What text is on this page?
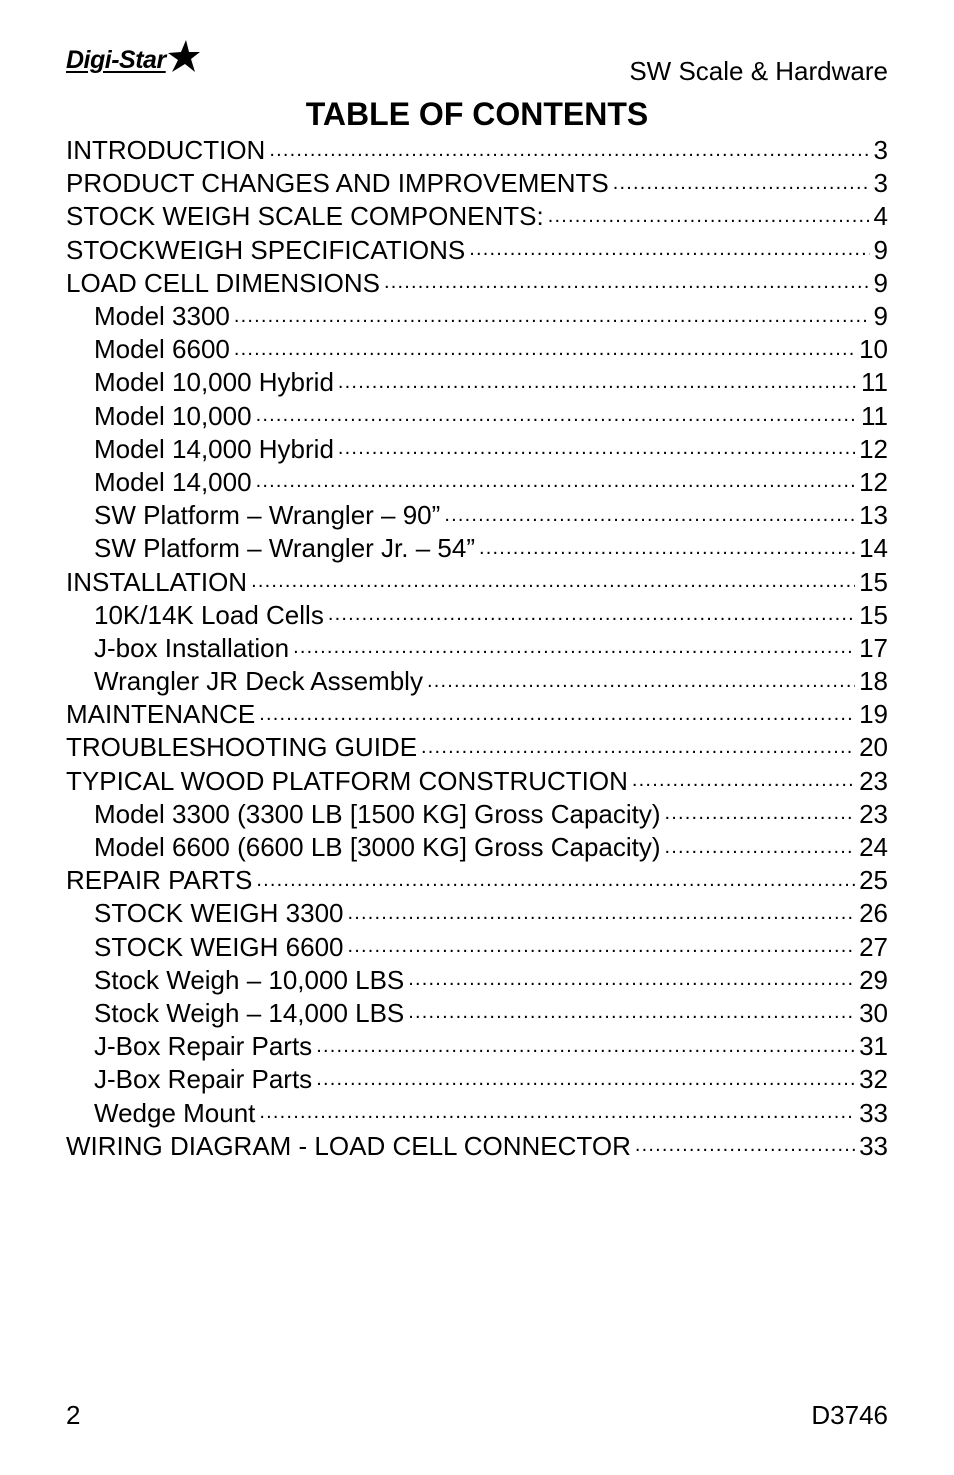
Digi-Star	SW Scale & Hardware
TABLE OF CONTENTS
INTRODUCTION .....	3
PRODUCT CHANGES AND IMPROVEMENTS .....	3
STOCK WEIGH SCALE COMPONENTS: .....	4
STOCKWEIGH SPECIFICATIONS .....	9
LOAD CELL DIMENSIONS .....	9
Model 3300 .....	9
Model 6600 .....	10
Model 10,000 Hybrid .....	11
Model 10,000 .....	11
Model 14,000 Hybrid .....	12
Model 14,000 .....	12
SW Platform – Wrangler – 90” .....	13
SW Platform – Wrangler Jr. – 54” .....	14
INSTALLATION .....	15
10K/14K Load Cells .....	15
J-box Installation .....	17
Wrangler JR Deck Assembly .....	18
MAINTENANCE .....	19
TROUBLESHOOTING GUIDE .....	20
TYPICAL WOOD PLATFORM CONSTRUCTION .....	23
Model 3300 (3300 LB [1500 KG] Gross Capacity) .....	23
Model 6600 (6600 LB [3000 KG] Gross Capacity) .....	24
REPAIR PARTS .....	25
STOCK WEIGH 3300 .....	26
STOCK WEIGH 6600 .....	27
Stock Weigh – 10,000 LBS .....	29
Stock Weigh – 14,000 LBS .....	30
J-Box Repair Parts .....	31
J-Box Repair Parts .....	32
Wedge Mount .....	33
WIRING DIAGRAM - LOAD CELL CONNECTOR .....	33
2	D3746
